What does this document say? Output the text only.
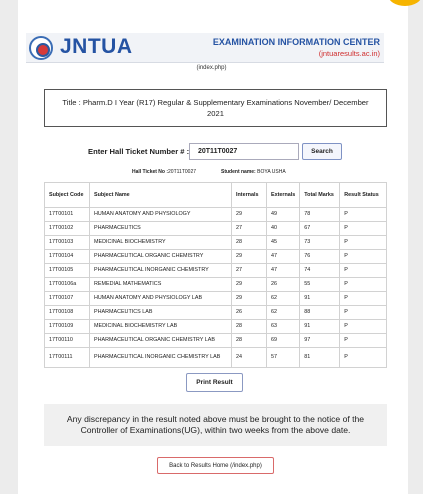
JNTUA	EXAMINATION INFORMATION CENTER
(jntuaresults.ac.in)
(index.php)
Title : Pharm.D I Year (R17) Regular & Supplementary Examinations November/ December 2021
Enter Hall Ticket Number # :
20T11T0027	Search
Hall Ticket No :20T11T0027	Student name: BOYA USHA
Subject Code	Subject Name	Internals	Externals	Total Marks	Result Status
17T00101	HUMAN ANATOMY AND PHYSIOLOGY	29	49	78	P
17T00102	PHARMACEUTICS	27	40	67	P
17T00103	MEDICINAL BIOCHEMISTRY	28	45	73	P
17T00104	PHARMACEUTICAL ORGANIC CHEMISTRY	29	47	76	P
17T00105	PHARMACEUTICAL INORGANIC CHEMISTRY	27	47	74	P
17T00106a	REMEDIAL MATHEMATICS	29	26	55	P
17T00107	HUMAN ANATOMY AND PHYSIOLOGY LAB	29	62	91	P
17T00108	PHARMACEUTICS LAB	26	62	88	P
17T00109	MEDICINAL BIOCHEMISTRY LAB	28	63	91	P
17T00110	PHARMACEUTICAL ORGANIC CHEMISTRY LAB	28	69	97	P
17T00111	PHARMACEUTICAL INORGANIC CHEMISTRY LAB	24	57	81	P
Print Result
Any discrepancy in the result noted above must be brought to the notice of the Controller of Examinations(UG), within two weeks from the above date.
Back to Results Home (/index.php)
